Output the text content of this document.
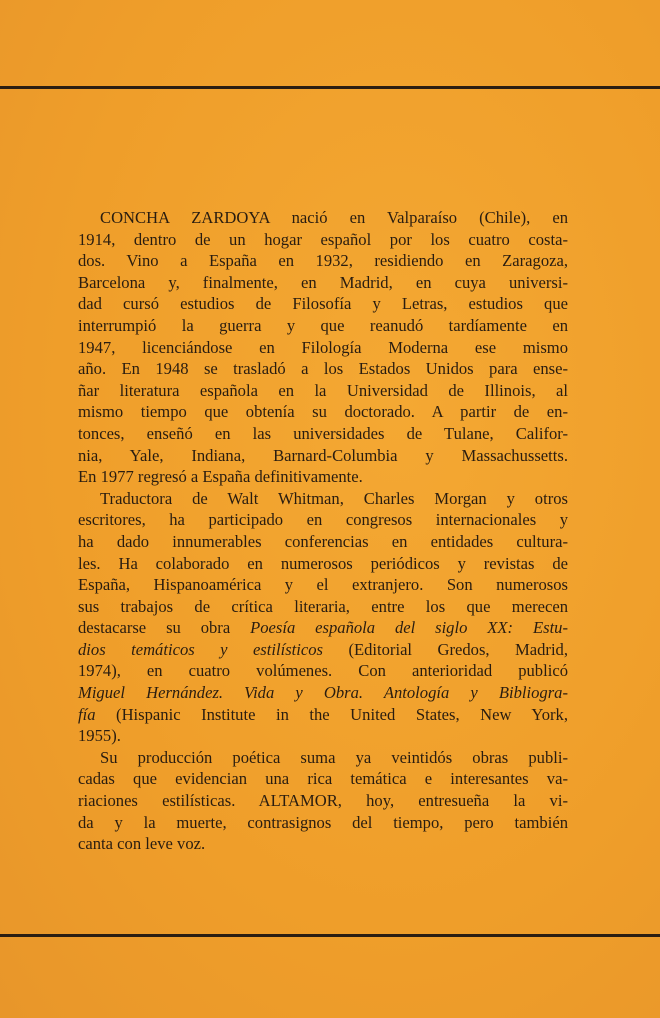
CONCHA ZARDOYA nació en Valparaíso (Chile), en
1914, dentro de un hogar español por los cuatro costa-
dos. Vino a España en 1932, residiendo en Zaragoza,
Barcelona y, finalmente, en Madrid, en cuya universi-
dad cursó estudios de Filosofía y Letras, estudios que
interrumpió la guerra y que reanudó tardíamente en
1947, licenciándose en Filología Moderna ese mismo
año. En 1948 se trasladó a los Estados Unidos para ense-
ñar literatura española en la Universidad de Illinois, al
mismo tiempo que obtenía su doctorado. A partir de en-
tonces, enseñó en las universidades de Tulane, Califor-
nia, Yale, Indiana, Barnard-Columbia y Massachussetts.
En 1977 regresó a España definitivamente.
Traductora de Walt Whitman, Charles Morgan y otros
escritores, ha participado en congresos internacionales y
ha dado innumerables conferencias en entidades cultura-
les. Ha colaborado en numerosos periódicos y revistas de
España, Hispanoamérica y el extranjero. Son numerosos
sus trabajos de crítica literaria, entre los que merecen
destacarse su obra Poesía española del siglo XX: Estu-
dios temáticos y estilísticos (Editorial Gredos, Madrid,
1974), en cuatro volúmenes. Con anterioridad publicó
Miguel Hernández. Vida y Obra. Antología y Bibliogra-
fía (Hispanic Institute in the United States, New York,
1955).
Su producción poética suma ya veintidós obras publi-
cadas que evidencian una rica temática e interesantes va-
riaciones estilísticas. ALTAMOR, hoy, entresueña la vi-
da y la muerte, contrasignos del tiempo, pero también
canta con leve voz.
